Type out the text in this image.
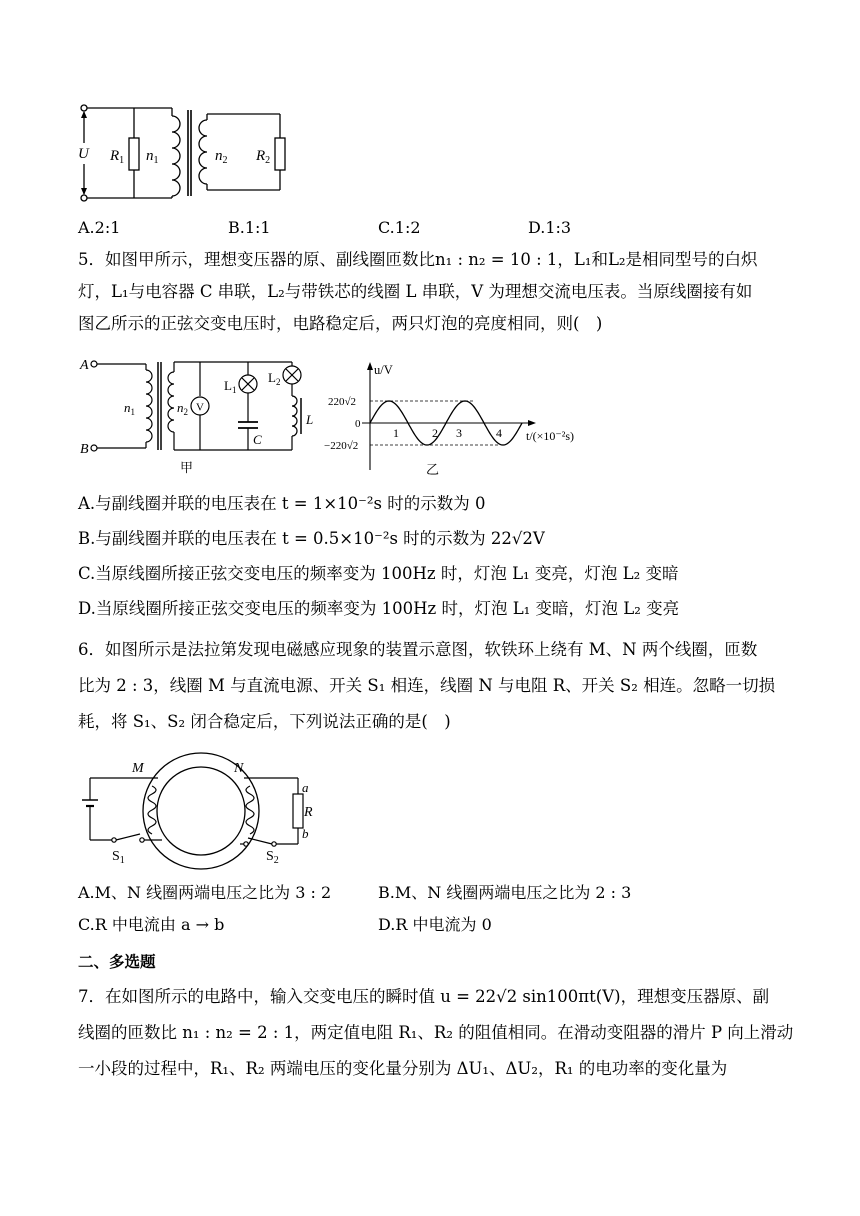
U $R_1$ $n_1$	$n_2$ $R_2$
A.2:1	B.1:1	C.1:2	D.1:3
5．如图甲所示，理想变压器的原、副线圈匝数比n₁ : n₂ = 10 : 1，L₁和L₂是相同型号的白炽
灯，L₁与电容器 C 串联，L₂与带铁芯的线圈 L 串联，V 为理想交流电压表。当原线圈接有如
图乙所示的正弦交变电压时，电路稳定后，两只灯泡的亮度相同，则(　)
A
B
$n_1$	$n_2$ V
$L_1$
$L_2$
C
L
甲
u/V
220√2
0
−220√2
1	2 3	4 t/(×10⁻²s)
乙
A.与副线圈并联的电压表在 t = 1×10⁻²s 时的示数为 0
B.与副线圈并联的电压表在 t = 0.5×10⁻²s 时的示数为 22√2V
C.当原线圈所接正弦交变电压的频率变为 100Hz 时，灯泡 L₁ 变亮，灯泡 L₂ 变暗
D.当原线圈所接正弦交变电压的频率变为 100Hz 时，灯泡 L₁ 变暗，灯泡 L₂ 变亮
6．如图所示是法拉第发现电磁感应现象的装置示意图，软铁环上绕有 M、N 两个线圈，匝数
比为 2 : 3，线圈 M 与直流电源、开关 S₁ 相连，线圈 N 与电阻 R、开关 S₂ 相连。忽略一切损
耗，将 S₁、S₂ 闭合稳定后，下列说法正确的是(　)
M	N
a
R
b
$S_1$	$S_2$
A.M、N 线圈两端电压之比为 3 : 2	B.M、N 线圈两端电压之比为 2 : 3
C.R 中电流由 a → b	D.R 中电流为 0
二、多选题
7．在如图所示的电路中，输入交变电压的瞬时值 u = 22√2 sin100πt(V)，理想变压器原、副
线圈的匝数比 n₁ : n₂ = 2 : 1，两定值电阻 R₁、R₂ 的阻值相同。在滑动变阻器的滑片 P 向上滑动
一小段的过程中，R₁、R₂ 两端电压的变化量分别为 ΔU₁、ΔU₂，R₁ 的电功率的变化量为
